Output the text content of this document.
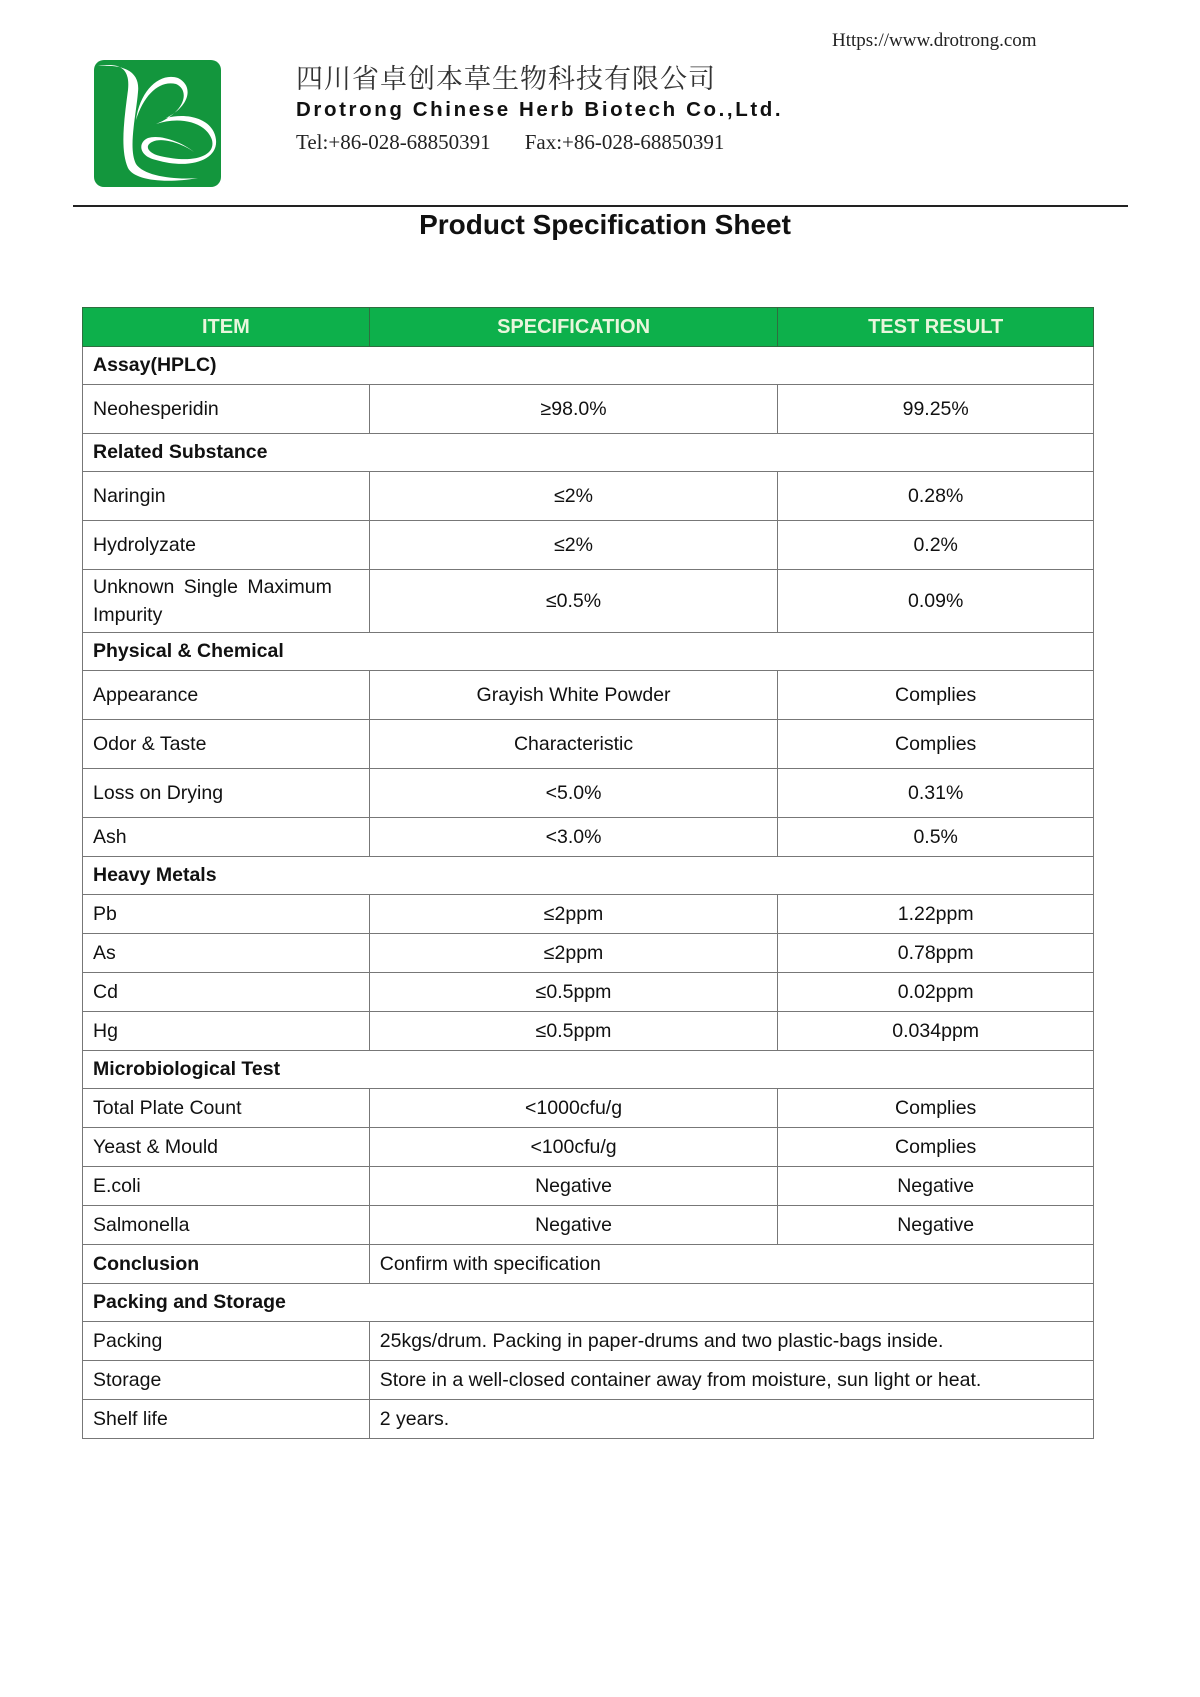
Https://www.drotrong.com
四川省卓创本草生物科技有限公司
Drotrong Chinese Herb Biotech Co.,Ltd.
Tel:+86-028-68850391 Fax:+86-028-68850391
Product Specification Sheet
ITEM	SPECIFICATION	TEST RESULT
Assay(HPLC)		
Neohesperidin	≥98.0%	99.25%
Related Substance		
Naringin	≤2%	0.28%
Hydrolyzate	≤2%	0.2%
Unknown Single Maximum Impurity	≤0.5%	0.09%
Physical & Chemical		
Appearance	Grayish White Powder	Complies
Odor & Taste	Characteristic	Complies
Loss on Drying	<5.0%	0.31%
Ash	<3.0%	0.5%
Heavy Metals		
Pb	≤2ppm	1.22ppm
As	≤2ppm	0.78ppm
Cd	≤0.5ppm	0.02ppm
Hg	≤0.5ppm	0.034ppm
Microbiological Test		
Total Plate Count	<1000cfu/g	Complies
Yeast & Mould	<100cfu/g	Complies
E.coli	Negative	Negative
Salmonella	Negative	Negative
Conclusion	Confirm with specification	
Packing and Storage		
Packing	25kgs/drum. Packing in paper-drums and two plastic-bags inside.	
Storage	Store in a well-closed container away from moisture, sun light or heat.	
Shelf life	2 years.	
